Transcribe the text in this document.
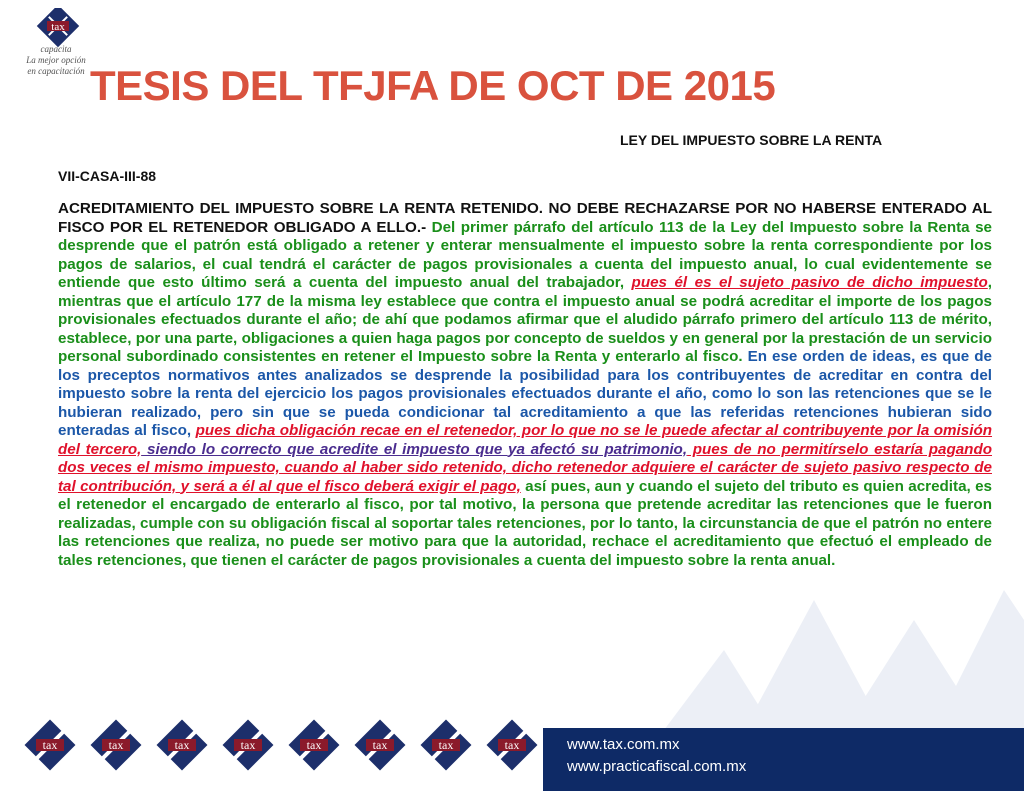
tax
capacita
La mejor opción
en capacitación TESIS DEL TFJFA DE OCT DE 2015
LEY DEL IMPUESTO SOBRE LA RENTA
VII-CASA-III-88
ACREDITAMIENTO DEL IMPUESTO SOBRE LA RENTA RETENIDO. NO DEBE RECHAZARSE POR NO HABERSE ENTERADO AL FISCO POR EL RETENEDOR OBLIGADO A ELLO.- Del primer párrafo del artículo 113 de la Ley del Impuesto sobre la Renta se desprende que el patrón está obligado a retener y enterar mensualmente el impuesto sobre la renta correspondiente por los pagos de salarios, el cual tendrá el carácter de pagos provisionales a cuenta del impuesto anual, lo cual evidentemente se entiende que esto último será a cuenta del impuesto anual del trabajador, pues él es el sujeto pasivo de dicho impuesto, mientras que el artículo 177 de la misma ley establece que contra el impuesto anual se podrá acreditar el importe de los pagos provisionales efectuados durante el año; de ahí que podamos afirmar que el aludido párrafo primero del artículo 113 de mérito, establece, por una parte, obligaciones a quien haga pagos por concepto de sueldos y en general por la prestación de un servicio personal subordinado consistentes en retener el Impuesto sobre la Renta y enterarlo al fisco. En ese orden de ideas, es que de los preceptos normativos antes analizados se desprende la posibilidad para los contribuyentes de acreditar en contra del impuesto sobre la renta del ejercicio los pagos provisionales efectuados durante el año, como lo son las retenciones que se le hubieran realizado, pero sin que se pueda condicionar tal acreditamiento a que las referidas retenciones hubieran sido enteradas al fisco, pues dicha obligación recae en el retenedor, por lo que no se le puede afectar al contribuyente por la omisión del tercero, siendo lo correcto que acredite el impuesto que ya afectó su patrimonio, pues de no permitírselo estaría pagando dos veces el mismo impuesto, cuando al haber sido retenido, dicho retenedor adquiere el carácter de sujeto pasivo respecto de tal contribución, y será a él al que el fisco deberá exigir el pago, así pues, aun y cuando el sujeto del tributo es quien acredita, es el retenedor el encargado de enterarlo al fisco, por tal motivo, la persona que pretende acreditar las retenciones que le fueron realizadas, cumple con su obligación fiscal al soportar tales retenciones, por lo tanto, la circunstancia de que el patrón no entere las retenciones que realiza, no puede ser motivo para que la autoridad, rechace el acreditamiento que efectuó el empleado de tales retenciones, que tienen el carácter de pagos provisionales a cuenta del impuesto sobre la renta anual.
tax	tax	tax	tax	tax	tax	tax	tax	www.tax.com.mx
www.practicafiscal.com.mx
